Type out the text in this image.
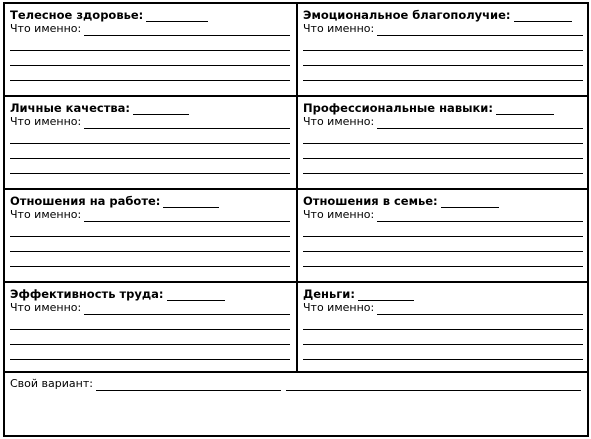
Телесное здоровье:
Что именно:
Эмоциональное благополучие:
Что именно:
Личные качества:
Что именно:
Профессиональные навыки:
Что именно:
Отношения на работе:
Что именно:
Отношения в семье:
Что именно:
Эффективность труда:
Что именно:
Деньги:
Что именно:
Свой вариант:
